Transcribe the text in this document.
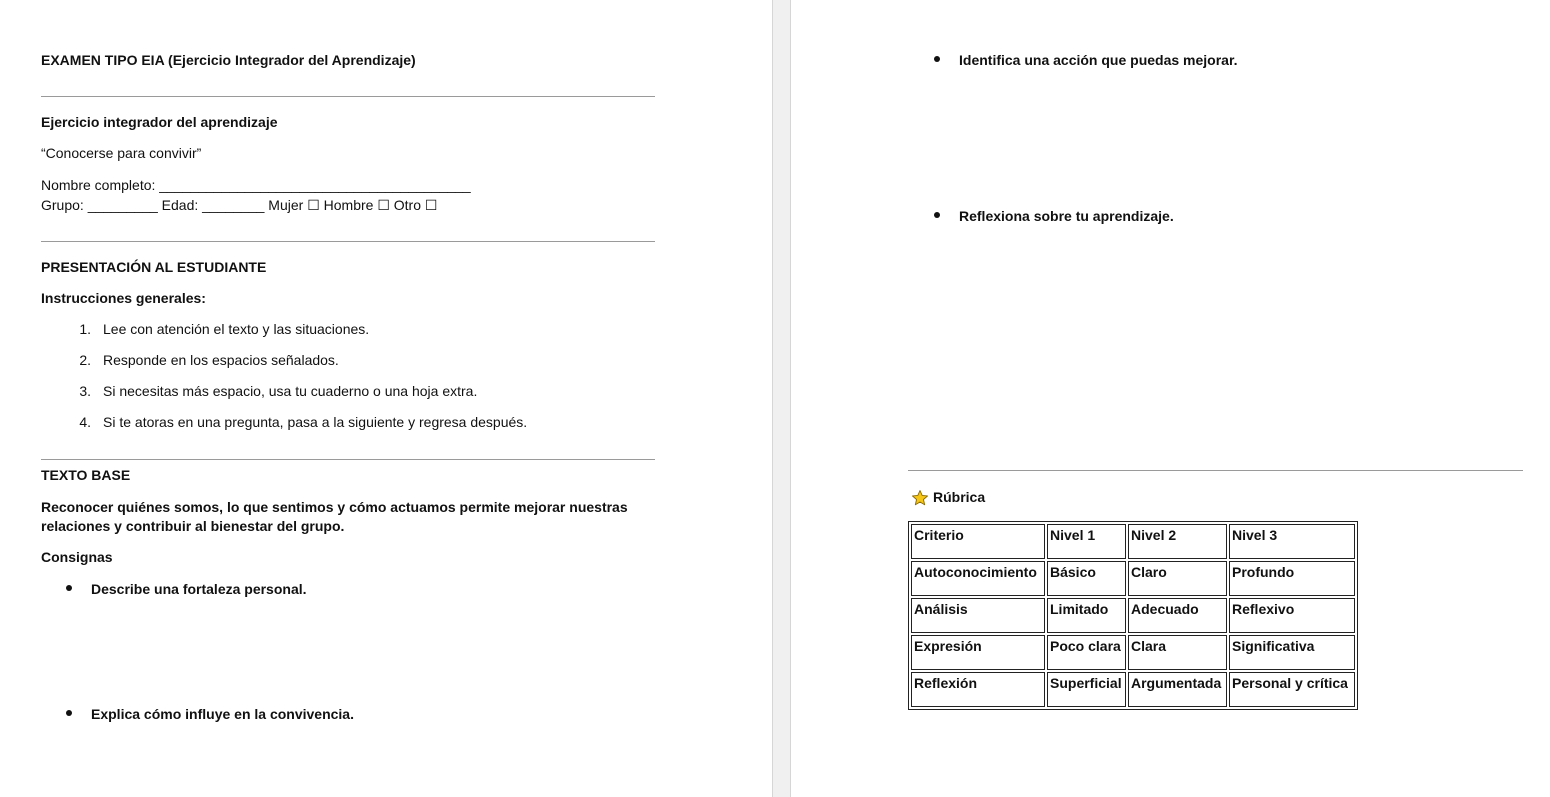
EXAMEN TIPO EIA (Ejercicio Integrador del Aprendizaje)
Ejercicio integrador del aprendizaje
“Conocerse para convivir”
Nombre completo: ________________________________________
Grupo: _________ Edad: ________ Mujer ☐ Hombre ☐ Otro ☐
PRESENTACIÓN AL ESTUDIANTE
Instrucciones generales:
1. Lee con atención el texto y las situaciones.
2. Responde en los espacios señalados.
3. Si necesitas más espacio, usa tu cuaderno o una hoja extra.
4. Si te atoras en una pregunta, pasa a la siguiente y regresa después.
TEXTO BASE
Reconocer quiénes somos, lo que sentimos y cómo actuamos permite mejorar nuestras
relaciones y contribuir al bienestar del grupo.
Consignas
Describe una fortaleza personal.
Explica cómo influye en la convivencia.
Identifica una acción que puedas mejorar.
Reflexiona sobre tu aprendizaje.
Rúbrica
Criterio	Nivel 1	Nivel 2	Nivel 3
Autoconocimiento	Básico	Claro	Profundo
Análisis	Limitado	Adecuado	Reflexivo
Expresión	Poco clara	Clara	Significativa
Reflexión	Superficial	Argumentada	Personal y crítica
